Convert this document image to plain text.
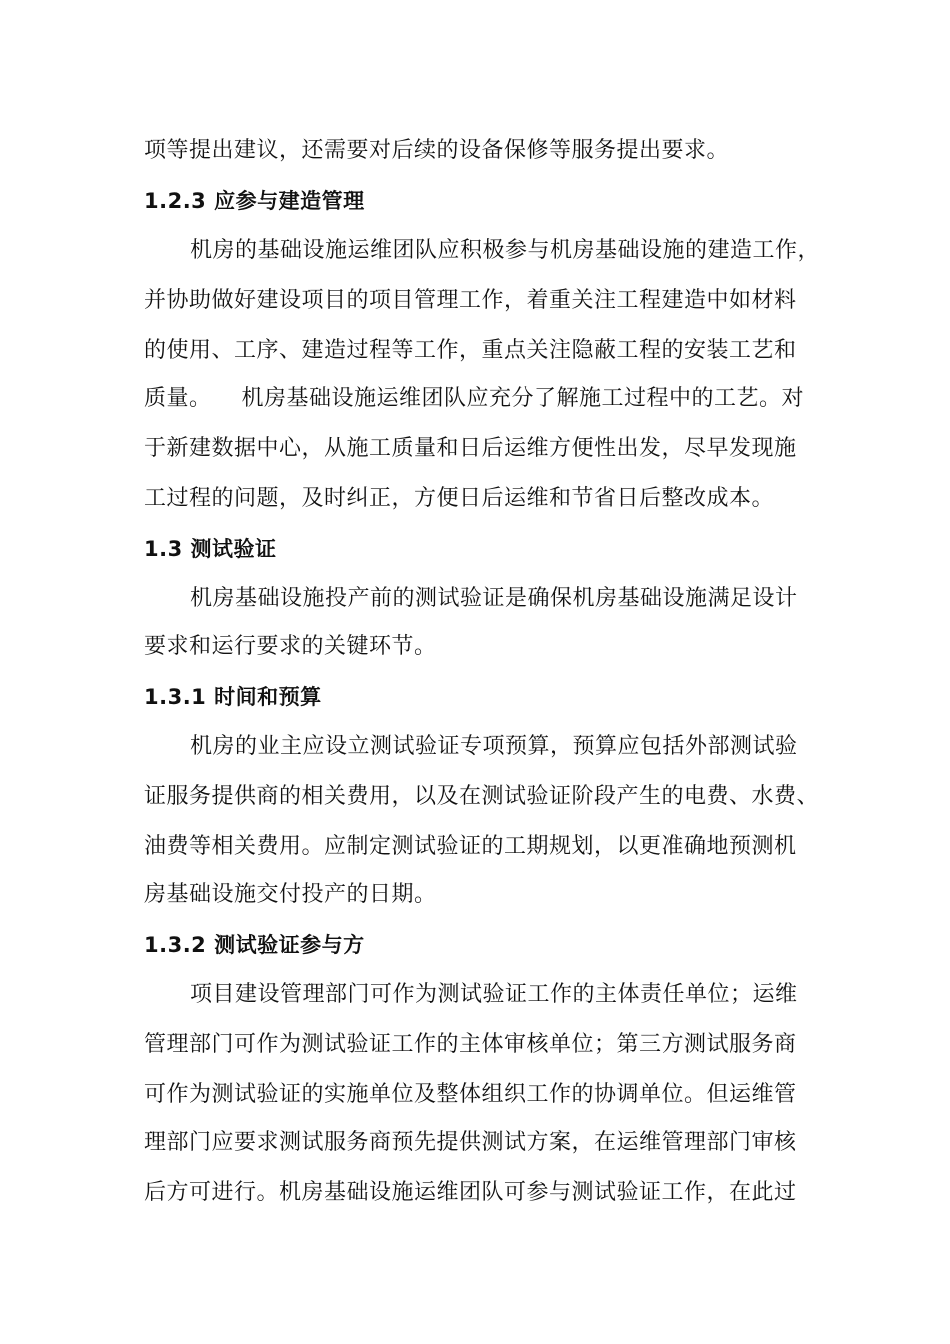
项等提出建议，还需要对后续的设备保修等服务提出要求。
1.2.3 应参与建造管理
机房的基础设施运维团队应积极参与机房基础设施的建造工作，
并协助做好建设项目的项目管理工作，着重关注工程建造中如材料
的使用、工序、建造过程等工作，重点关注隐蔽工程的安装工艺和
质量。    机房基础设施运维团队应充分了解施工过程中的工艺。对
于新建数据中心，从施工质量和日后运维方便性出发，尽早发现施
工过程的问题，及时纠正，方便日后运维和节省日后整改成本。
1.3 测试验证
机房基础设施投产前的测试验证是确保机房基础设施满足设计
要求和运行要求的关键环节。
1.3.1 时间和预算
机房的业主应设立测试验证专项预算，预算应包括外部测试验
证服务提供商的相关费用，以及在测试验证阶段产生的电费、水费、
油费等相关费用。应制定测试验证的工期规划，以更准确地预测机
房基础设施交付投产的日期。
1.3.2 测试验证参与方
项目建设管理部门可作为测试验证工作的主体责任单位；运维
管理部门可作为测试验证工作的主体审核单位；第三方测试服务商
可作为测试验证的实施单位及整体组织工作的协调单位。但运维管
理部门应要求测试服务商预先提供测试方案，在运维管理部门审核
后方可进行。机房基础设施运维团队可参与测试验证工作，在此过
